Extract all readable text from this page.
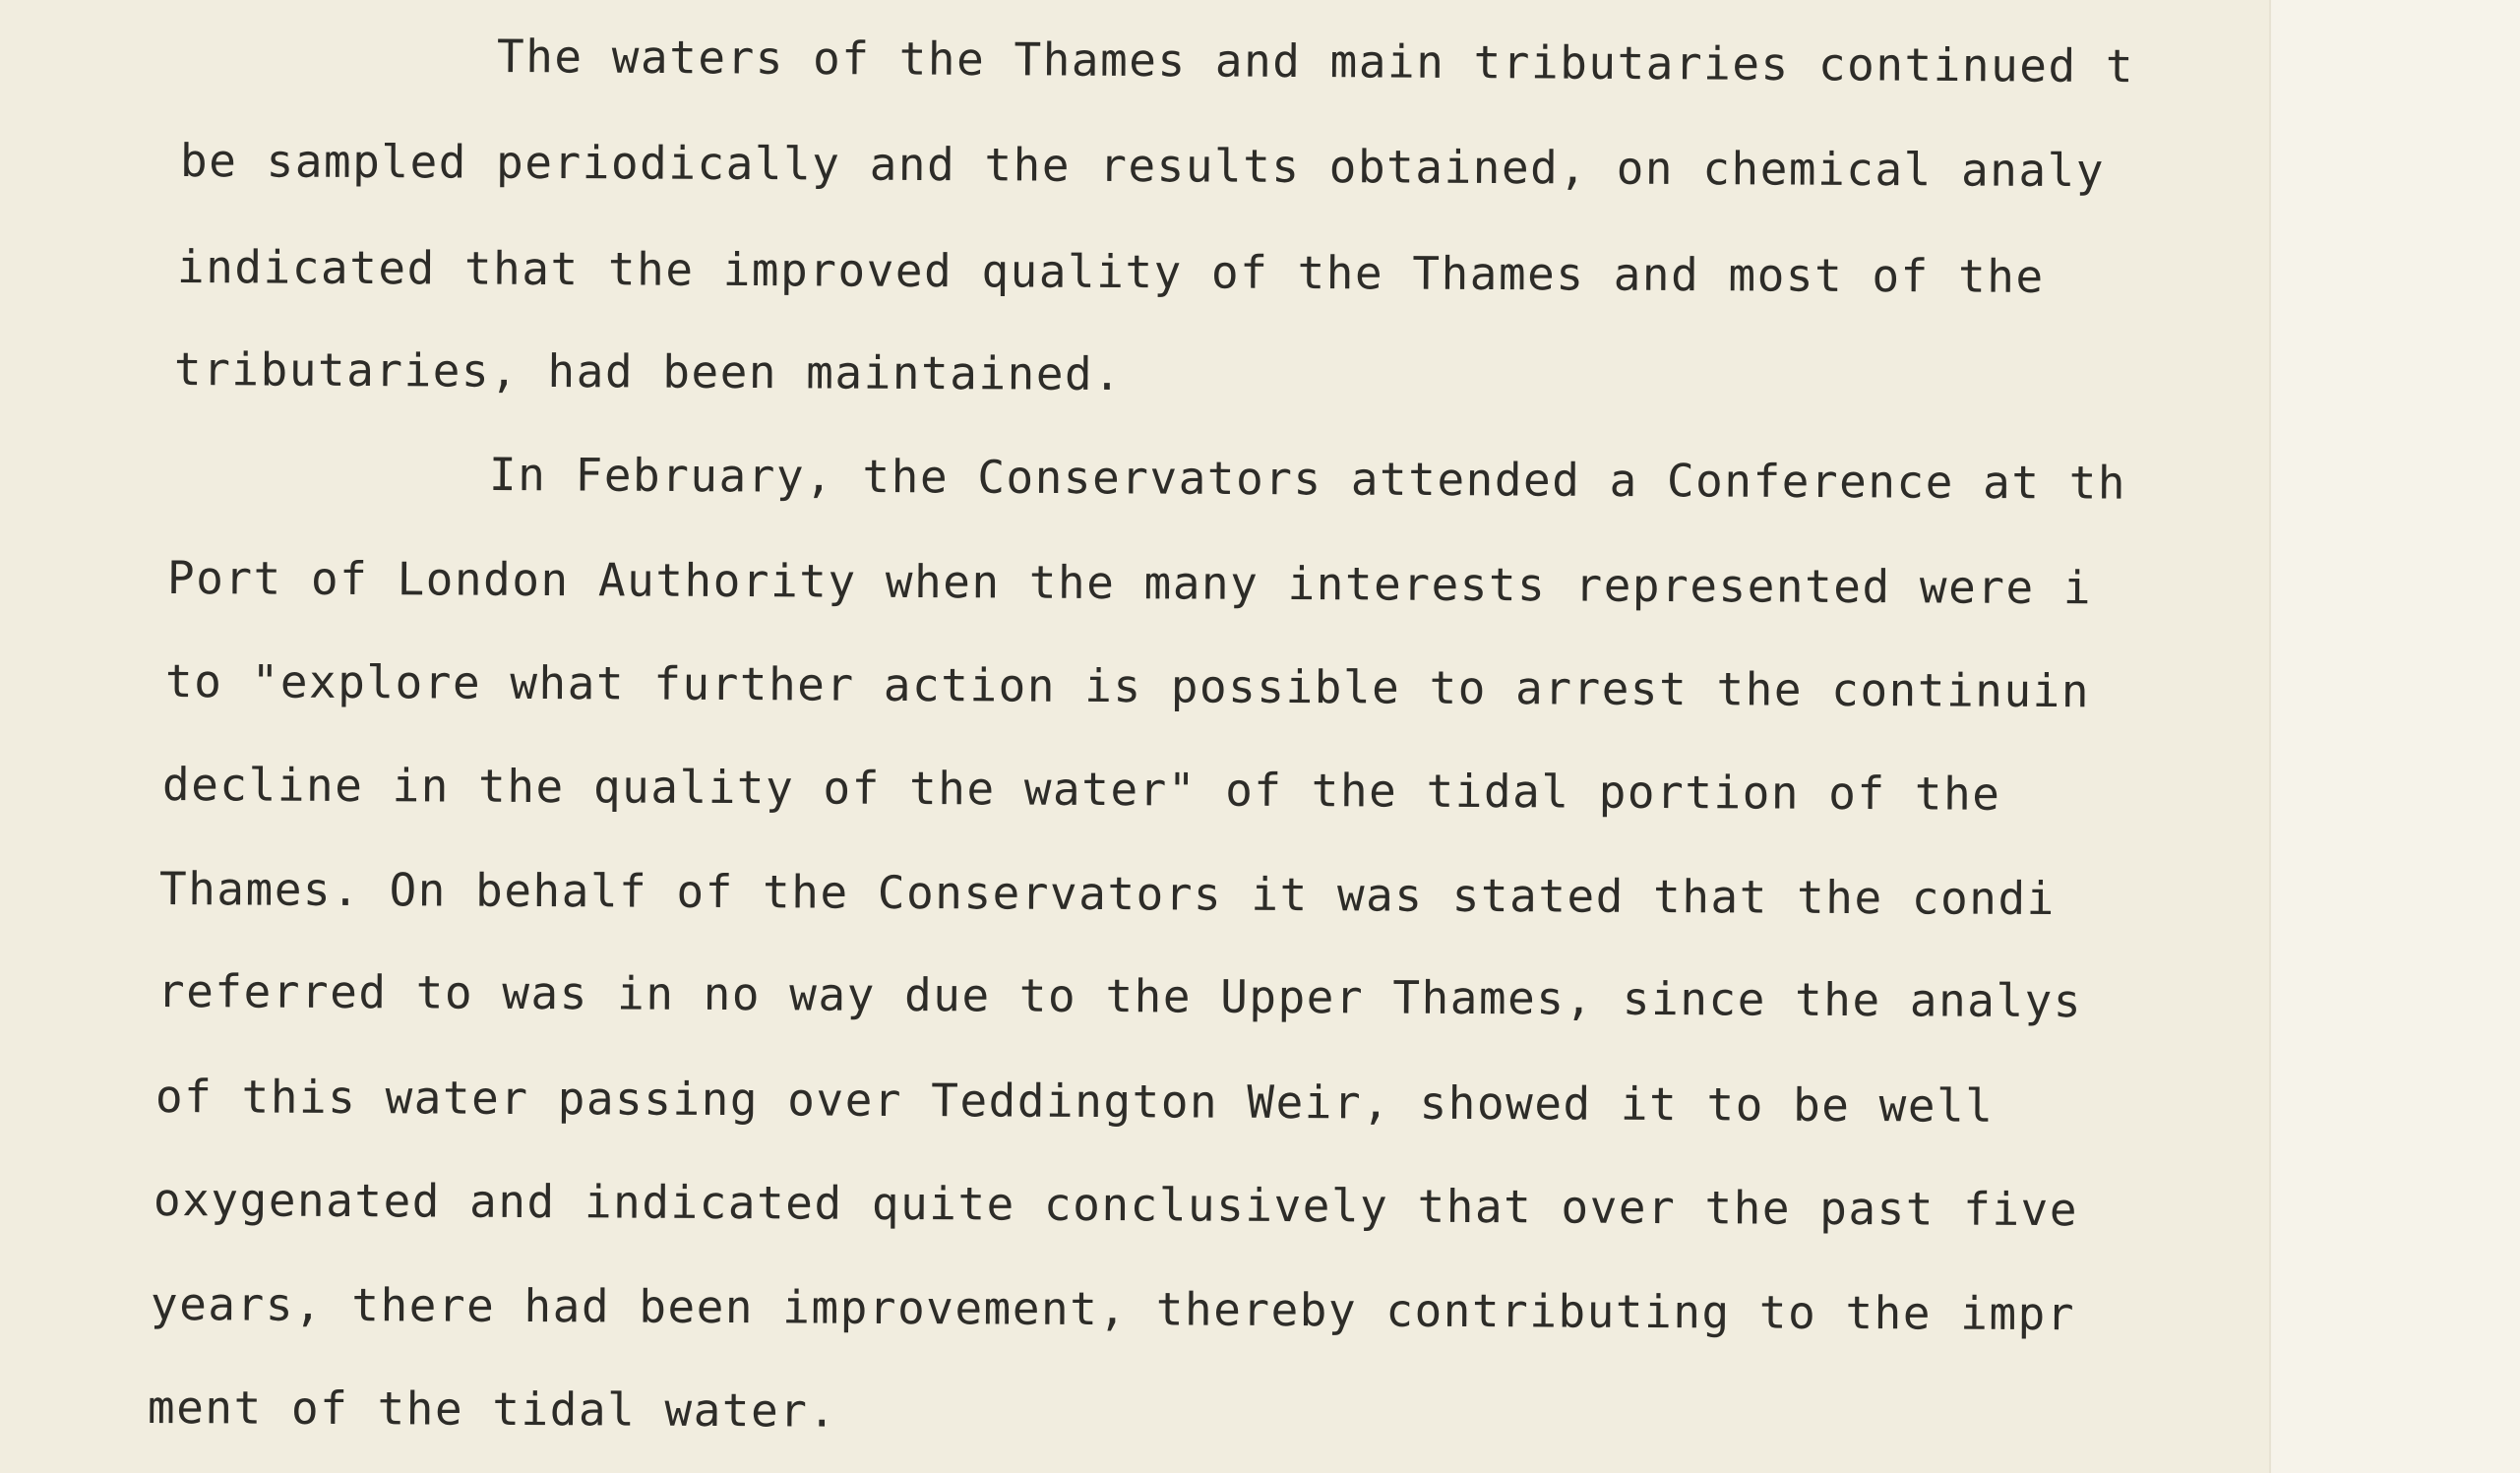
The waters of the Thames and main tributaries continued t
be sampled periodically and the results obtained, on chemical analy
indicated that the improved quality of the Thames and most of the
tributaries, had been maintained.
In February, the Conservators attended a Conference at th
Port of London Authority when the many interests represented were i
to "explore what further action is possible to arrest the continuin
decline in the quality of the water" of the tidal portion of the
Thames. On behalf of the Conservators it was stated that the condi
referred to was in no way due to the Upper Thames, since the analys
of this water passing over Teddington Weir, showed it to be well
oxygenated and indicated quite conclusively that over the past five
years, there had been improvement, thereby contributing to the impr
ment of the tidal water.
